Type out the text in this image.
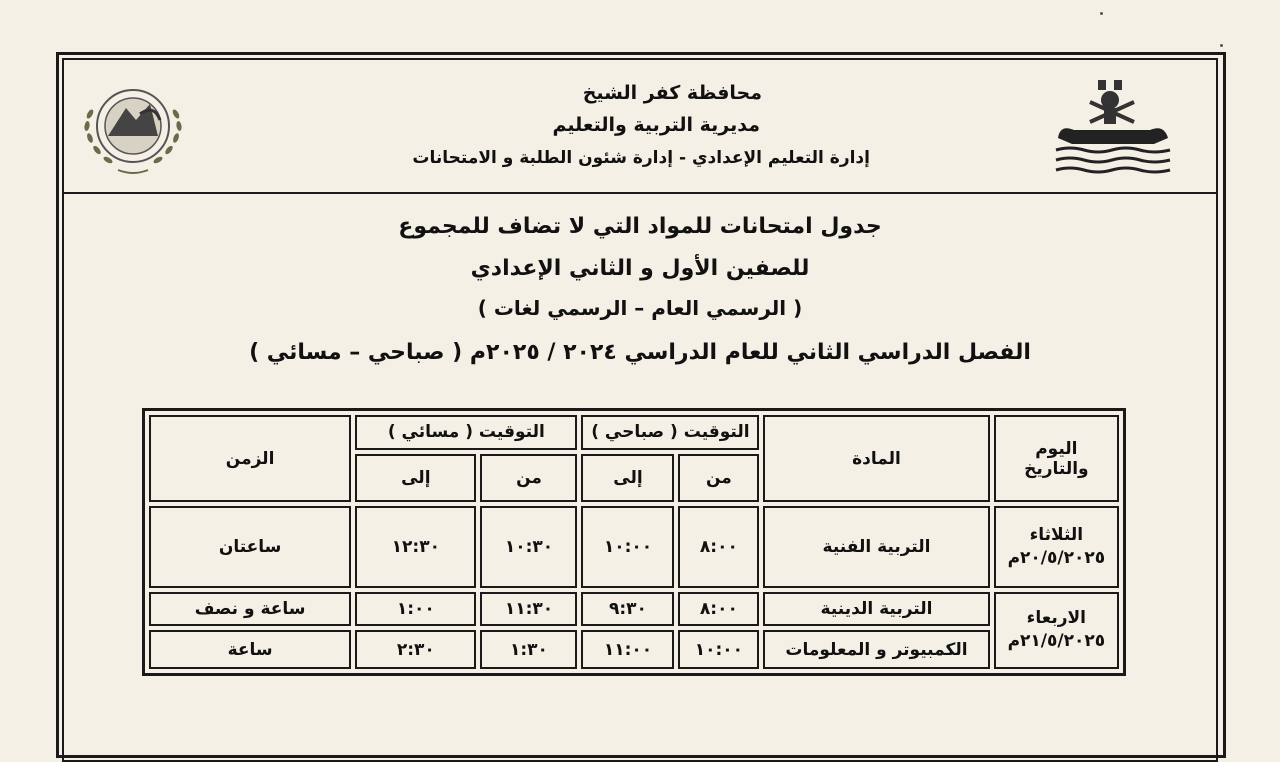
محافظة كفر الشيخ
مديرية التربية والتعليم
إدارة التعليم الإعدادي - إدارة شئون الطلبة و الامتحانات
جدول امتحانات للمواد التي لا تضاف للمجموع
للصفين الأول و الثاني الإعدادي
( الرسمي العام – الرسمي لغات )
الفصل الدراسي الثاني للعام الدراسي ٢٠٢٤ / ٢٠٢٥م ( صباحي – مسائي )
اليوم والتاريخ	المادة	التوقيت ( صباحي )		التوقيت ( مسائي )		الزمن
		من	إلى	من	إلى	

الثلاثاء
٢٠/٥/٢٠٢٥م	التربية الفنية	٨:٠٠	١٠:٠٠	١٠:٣٠	١٢:٣٠	ساعتان

الاربعاء
٢١/٥/٢٠٢٥م	التربية الدينية	٨:٠٠	٩:٣٠	١١:٣٠	١:٠٠	ساعة و نصف
	الكمبيوتر و المعلومات	١٠:٠٠	١١:٠٠	١:٣٠	٢:٣٠	ساعة
